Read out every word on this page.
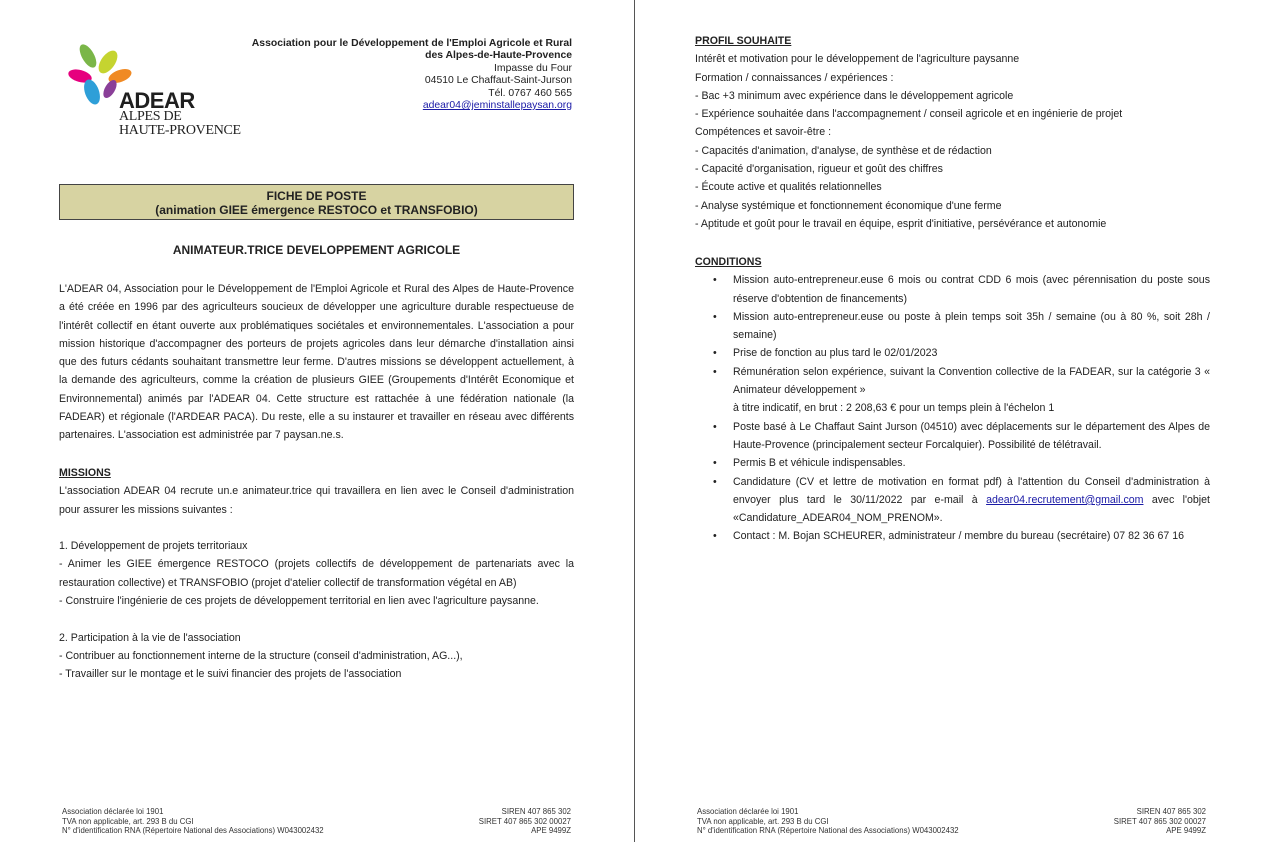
ADEAR
ALPES DE
HAUTE-PROVENCE
Association pour le Développement de l'Emploi Agricole et Rural
des Alpes-de-Haute-Provence
Impasse du Four
04510 Le Chaffaut-Saint-Jurson
Tél. 0767 460 565
adear04@jeminstallepaysan.org
FICHE DE POSTE
(animation GIEE émergence RESTOCO et TRANSFOBIO)
ANIMATEUR.TRICE DEVELOPPEMENT AGRICOLE
L'ADEAR 04, Association pour le Développement de l'Emploi Agricole et Rural des Alpes de Haute-Provence a été créée en 1996 par des agriculteurs soucieux de développer une agriculture durable respectueuse de l'intérêt collectif en étant ouverte aux problématiques sociétales et environnementales. L'association a pour mission historique d'accompagner des porteurs de projets agricoles dans leur démarche d'installation ainsi que des futurs cédants souhaitant transmettre leur ferme. D'autres missions se développent actuellement, à la demande des agriculteurs, comme la création de plusieurs GIEE (Groupements d'Intérêt Economique et Environnemental) animés par l'ADEAR 04. Cette structure est rattachée à une fédération nationale (la FADEAR) et régionale (l'ARDEAR PACA). Du reste, elle a su instaurer et travailler en réseau avec différents partenaires. L'association est administrée par 7 paysan.ne.s.
MISSIONS
L'association ADEAR 04 recrute un.e animateur.trice qui travaillera en lien avec le Conseil d'administration pour assurer les missions suivantes :
1. Développement de projets territoriaux
- Animer les GIEE émergence RESTOCO (projets collectifs de développement de partenariats avec la restauration collective) et TRANSFOBIO (projet d'atelier collectif de transformation végétal en AB)
- Construire l'ingénierie de ces projets de développement territorial en lien avec l'agriculture paysanne.
2. Participation à la vie de l'association
- Contribuer au fonctionnement interne de la structure (conseil d'administration, AG...),
- Travailler sur le montage et le suivi financier des projets de l'association
Association déclarée loi 1901
TVA non applicable, art. 293 B du CGI
N° d'identification RNA (Répertoire National des Associations) W043002432
SIREN 407 865 302
SIRET 407 865 302 00027
APE 9499Z
PROFIL SOUHAITE
Intérêt et motivation pour le développement de l'agriculture paysanne
Formation / connaissances / expériences :
- Bac +3 minimum avec expérience dans le développement agricole
- Expérience souhaitée dans l'accompagnement / conseil agricole et en ingénierie de projet
Compétences et savoir-être :
- Capacités d'animation, d'analyse, de synthèse et de rédaction
- Capacité d'organisation, rigueur et goût des chiffres
- Écoute active et qualités relationnelles
- Analyse systémique et fonctionnement économique d'une ferme
- Aptitude et goût pour le travail en équipe, esprit d'initiative, persévérance et autonomie
CONDITIONS
• Mission auto-entrepreneur.euse 6 mois ou contrat CDD 6 mois (avec pérennisation du poste sous réserve d'obtention de financements)
• Mission auto-entrepreneur.euse ou poste à plein temps soit 35h / semaine (ou à 80 %, soit 28h / semaine)
• Prise de fonction au plus tard le 02/01/2023
• Rémunération selon expérience, suivant la Convention collective de la FADEAR, sur la catégorie 3 « Animateur développement »
à titre indicatif, en brut : 2 208,63 € pour un temps plein à l'échelon 1
• Poste basé à Le Chaffaut Saint Jurson (04510) avec déplacements sur le département des Alpes de Haute-Provence (principalement secteur Forcalquier). Possibilité de télétravail.
• Permis B et véhicule indispensables.
• Candidature (CV et lettre de motivation en format pdf) à l'attention du Conseil d'administration à envoyer plus tard le 30/11/2022 par e-mail à adear04.recrutement@gmail.com avec l'objet «Candidature_ADEAR04_NOM_PRENOM».
• Contact : M. Bojan SCHEURER, administrateur / membre du bureau (secrétaire) 07 82 36 67 16
Association déclarée loi 1901
TVA non applicable, art. 293 B du CGI
N° d'identification RNA (Répertoire National des Associations) W043002432
SIREN 407 865 302
SIRET 407 865 302 00027
APE 9499Z
